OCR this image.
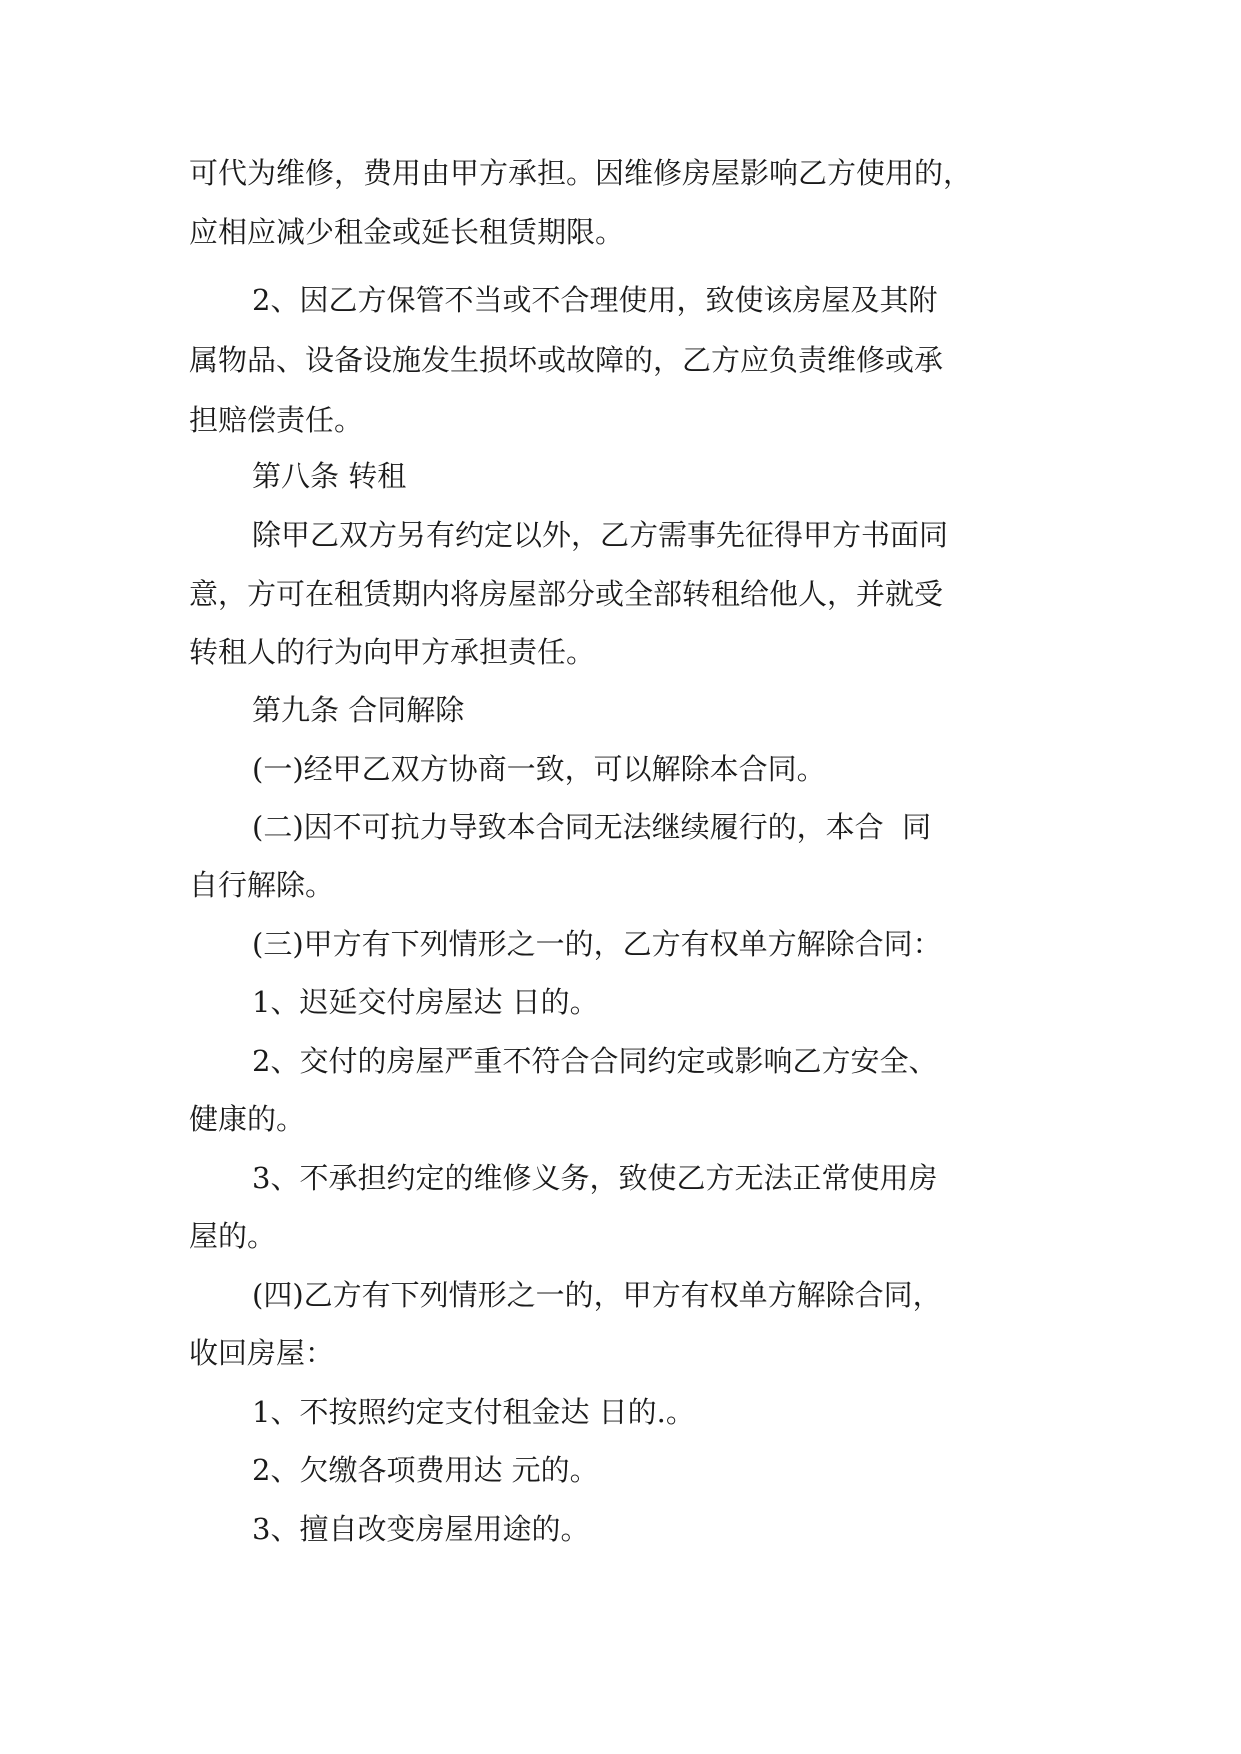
可代为维修，费用由甲方承担。因维修房屋影响乙方使用的，

应相应减少租金或延长租赁期限。

2、因乙方保管不当或不合理使用，致使该房屋及其附

属物品、设备设施发生损坏或故障的，乙方应负责维修或承

担赔偿责任。

第八条 转租

除甲乙双方另有约定以外，乙方需事先征得甲方书面同

意，方可在租赁期内将房屋部分或全部转租给他人，并就受

转租人的行为向甲方承担责任。

第九条 合同解除

(一)经甲乙双方协商一致，可以解除本合同。

(二)因不可抗力导致本合同无法继续履行的，本合  同

自行解除。

(三)甲方有下列情形之一的，乙方有权单方解除合同：

1、迟延交付房屋达 日的。

2、交付的房屋严重不符合合同约定或影响乙方安全、

健康的。

3、不承担约定的维修义务，致使乙方无法正常使用房

屋的。

(四)乙方有下列情形之一的，甲方有权单方解除合同，

收回房屋：

1、不按照约定支付租金达 日的.。

2、欠缴各项费用达 元的。

3、擅自改变房屋用途的。
